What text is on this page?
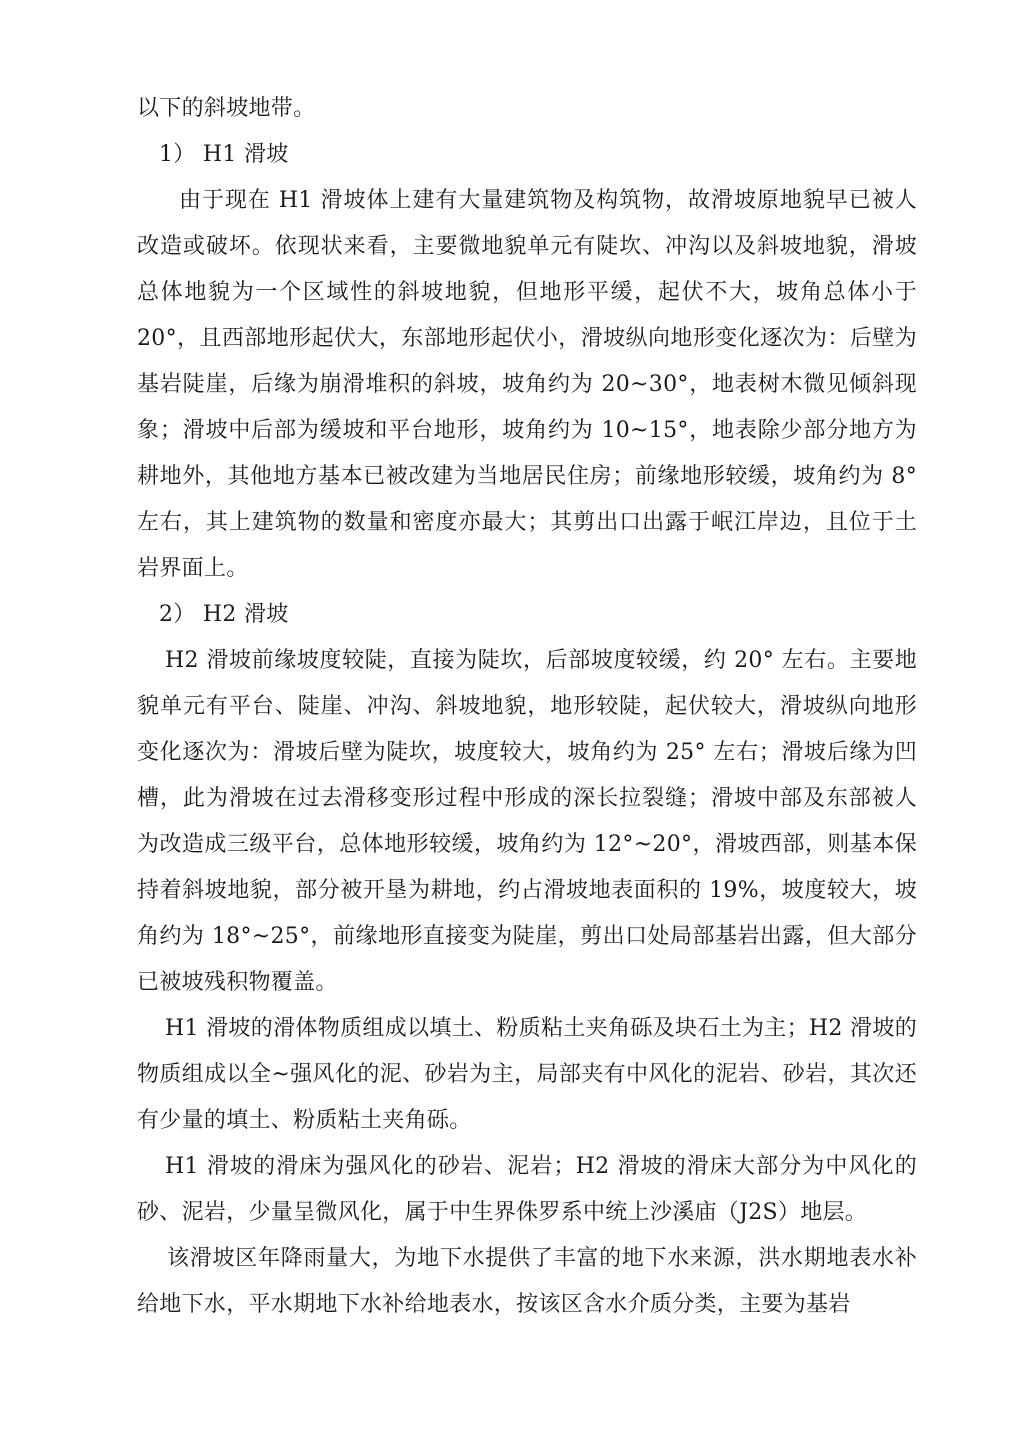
以下的斜坡地带。

1） H1 滑坡

由于现在 H1 滑坡体上建有大量建筑物及构筑物，故滑坡原地貌早已被人改造或破坏。依现状来看，主要微地貌单元有陡坎、冲沟以及斜坡地貌，滑坡总体地貌为一个区域性的斜坡地貌，但地形平缓，起伏不大，坡角总体小于 20°，且西部地形起伏大，东部地形起伏小，滑坡纵向地形变化逐次为：后壁为基岩陡崖，后缘为崩滑堆积的斜坡，坡角约为 20~30°，地表树木微见倾斜现象；滑坡中后部为缓坡和平台地形，坡角约为 10~15°，地表除少部分地方为耕地外，其他地方基本已被改建为当地居民住房；前缘地形较缓，坡角约为 8° 左右，其上建筑物的数量和密度亦最大；其剪出口出露于岷江岸边，且位于土岩界面上。

2） H2 滑坡

H2 滑坡前缘坡度较陡，直接为陡坎，后部坡度较缓，约 20° 左右。主要地貌单元有平台、陡崖、冲沟、斜坡地貌，地形较陡，起伏较大，滑坡纵向地形变化逐次为：滑坡后壁为陡坎，坡度较大，坡角约为 25° 左右；滑坡后缘为凹槽，此为滑坡在过去滑移变形过程中形成的深长拉裂缝；滑坡中部及东部被人为改造成三级平台，总体地形较缓，坡角约为 12°~20°，滑坡西部，则基本保持着斜坡地貌，部分被开垦为耕地，约占滑坡地表面积的 19%，坡度较大，坡角约为 18°~25°，前缘地形直接变为陡崖，剪出口处局部基岩出露，但大部分已被坡残积物覆盖。

H1 滑坡的滑体物质组成以填土、粉质粘土夹角砾及块石土为主；H2 滑坡的物质组成以全~强风化的泥、砂岩为主，局部夹有中风化的泥岩、砂岩，其次还有少量的填土、粉质粘土夹角砾。

H1 滑坡的滑床为强风化的砂岩、泥岩；H2 滑坡的滑床大部分为中风化的砂、泥岩，少量呈微风化，属于中生界侏罗系中统上沙溪庙（J2S）地层。

该滑坡区年降雨量大，为地下水提供了丰富的地下水来源，洪水期地表水补给地下水，平水期地下水补给地表水，按该区含水介质分类，主要为基岩
